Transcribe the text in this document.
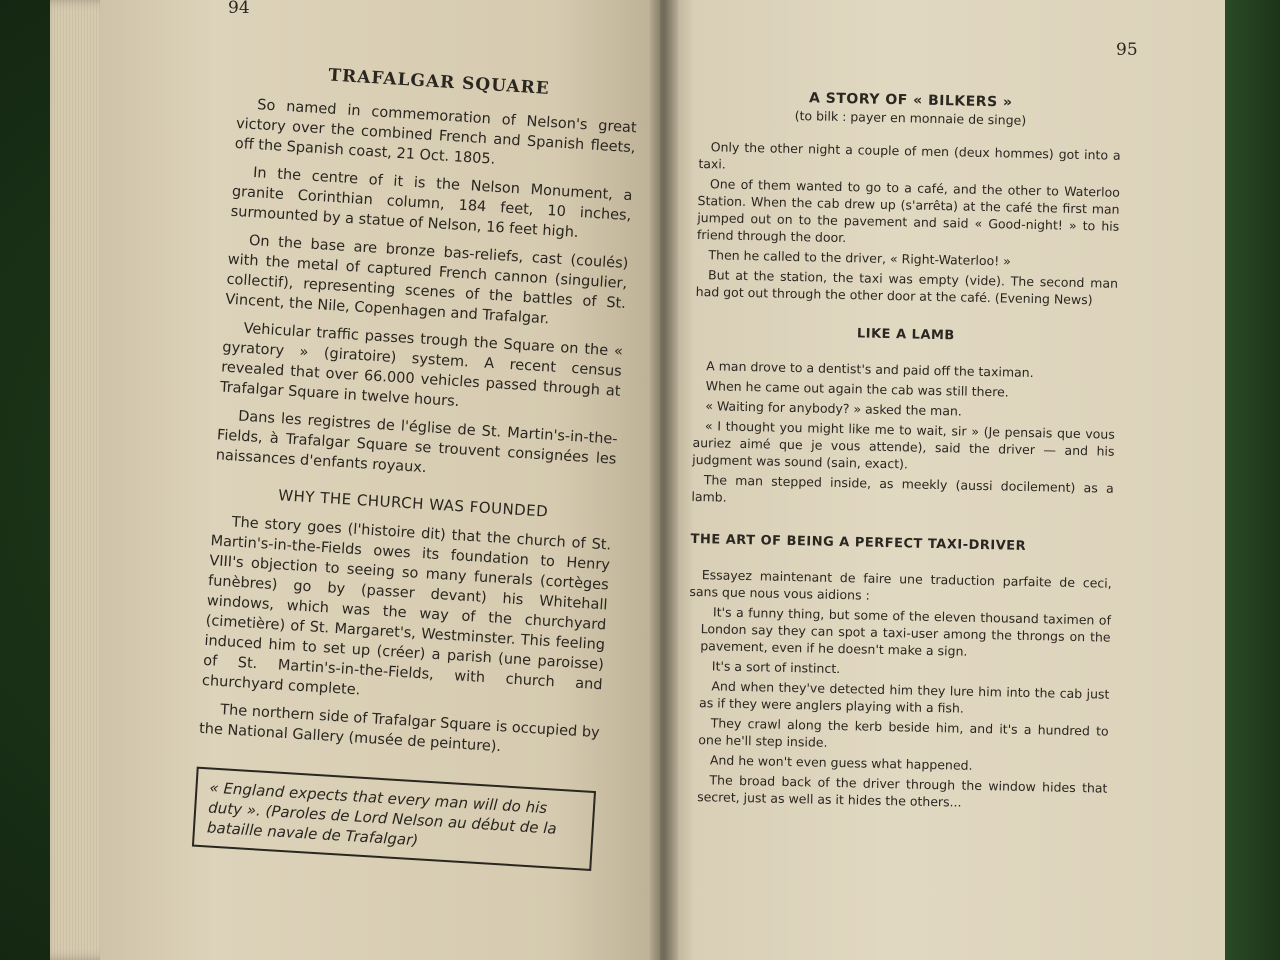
94
TRAFALGAR SQUARE

So named in commemoration of Nelson's great victory over the combined French and Spanish fleets, off the Spanish coast, 21 Oct. 1805.

In the centre of it is the Nelson Monument, a granite Corinthian column, 184 feet, 10 inches, surmounted by a statue of Nelson, 16 feet high.

On the base are bronze bas-reliefs, cast (coulés) with the metal of captured French cannon (singulier, collectif), representing scenes of the battles of St. Vincent, the Nile, Copenhagen and Trafalgar.

Vehicular traffic passes trough the Square on the « gyratory » (giratoire) system. A recent census revealed that over 66.000 vehicles passed through at Trafalgar Square in twelve hours.

Dans les registres de l'église de St. Martin's-in-the-Fields, à Trafalgar Square se trouvent consignées les naissances d'enfants royaux.

WHY THE CHURCH WAS FOUNDED

The story goes (l'histoire dit) that the church of St. Martin's-in-the-Fields owes its foundation to Henry VIII's objection to seeing so many funerals (cortèges funèbres) go by (passer devant) his Whitehall windows, which was the way of the churchyard (cimetière) of St. Margaret's, Westminster. This feeling induced him to set up (créer) a parish (une paroisse) of St. Martin's-in-the-Fields, with church and churchyard complete.

The northern side of Trafalgar Square is occupied by the National Gallery (musée de peinture).

« England expects that every man will do his duty ». (Paroles de Lord Nelson au début de la bataille navale de Trafalgar)
95
A STORY OF « BILKERS »
(to bilk : payer en monnaie de singe)

Only the other night a couple of men (deux hommes) got into a taxi.

One of them wanted to go to a café, and the other to Waterloo Station. When the cab drew up (s'arrêta) at the café the first man jumped out on to the pavement and said « Good-night! » to his friend through the door.

Then he called to the driver, « Right-Waterloo! »

But at the station, the taxi was empty (vide). The second man had got out through the other door at the café. (Evening News)

LIKE A LAMB

A man drove to a dentist's and paid off the taximan.

When he came out again the cab was still there.

« Waiting for anybody? » asked the man.

« I thought you might like me to wait, sir » (Je pensais que vous auriez aimé que je vous attende), said the driver — and his judgment was sound (sain, exact).

The man stepped inside, as meekly (aussi docilement) as a lamb.

THE ART OF BEING A PERFECT TAXI-DRIVER

Essayez maintenant de faire une traduction parfaite de ceci, sans que nous vous aidions :

It's a funny thing, but some of the eleven thousand taximen of London say they can spot a taxi-user among the throngs on the pavement, even if he doesn't make a sign.

It's a sort of instinct.

And when they've detected him they lure him into the cab just as if they were anglers playing with a fish.

They crawl along the kerb beside him, and it's a hundred to one he'll step inside.

And he won't even guess what happened.

The broad back of the driver through the window hides that secret, just as well as it hides the others...
